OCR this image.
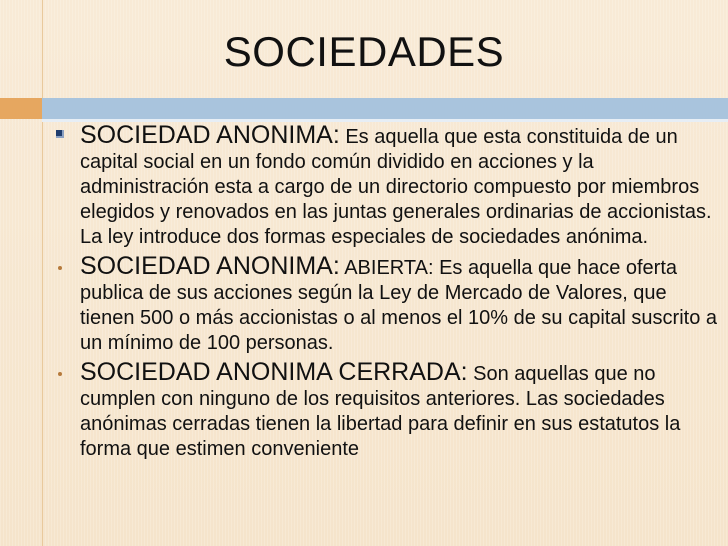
SOCIEDADES
SOCIEDAD ANONIMA: Es aquella que esta constituida de un capital social en un fondo común dividido en acciones y la administración esta a cargo de un directorio compuesto por miembros elegidos y renovados en las juntas generales ordinarias de accionistas.
La ley introduce dos formas especiales de sociedades anónima.
SOCIEDAD ANONIMA: ABIERTA: Es aquella que hace oferta publica de sus acciones según la Ley de Mercado de Valores, que tienen 500 o más accionistas o al menos el 10% de su capital suscrito a un mínimo de 100 personas.
SOCIEDAD ANONIMA CERRADA: Son aquellas que no cumplen con ninguno de los requisitos anteriores. Las sociedades anónimas cerradas tienen la libertad para definir en sus estatutos la forma que estimen conveniente
